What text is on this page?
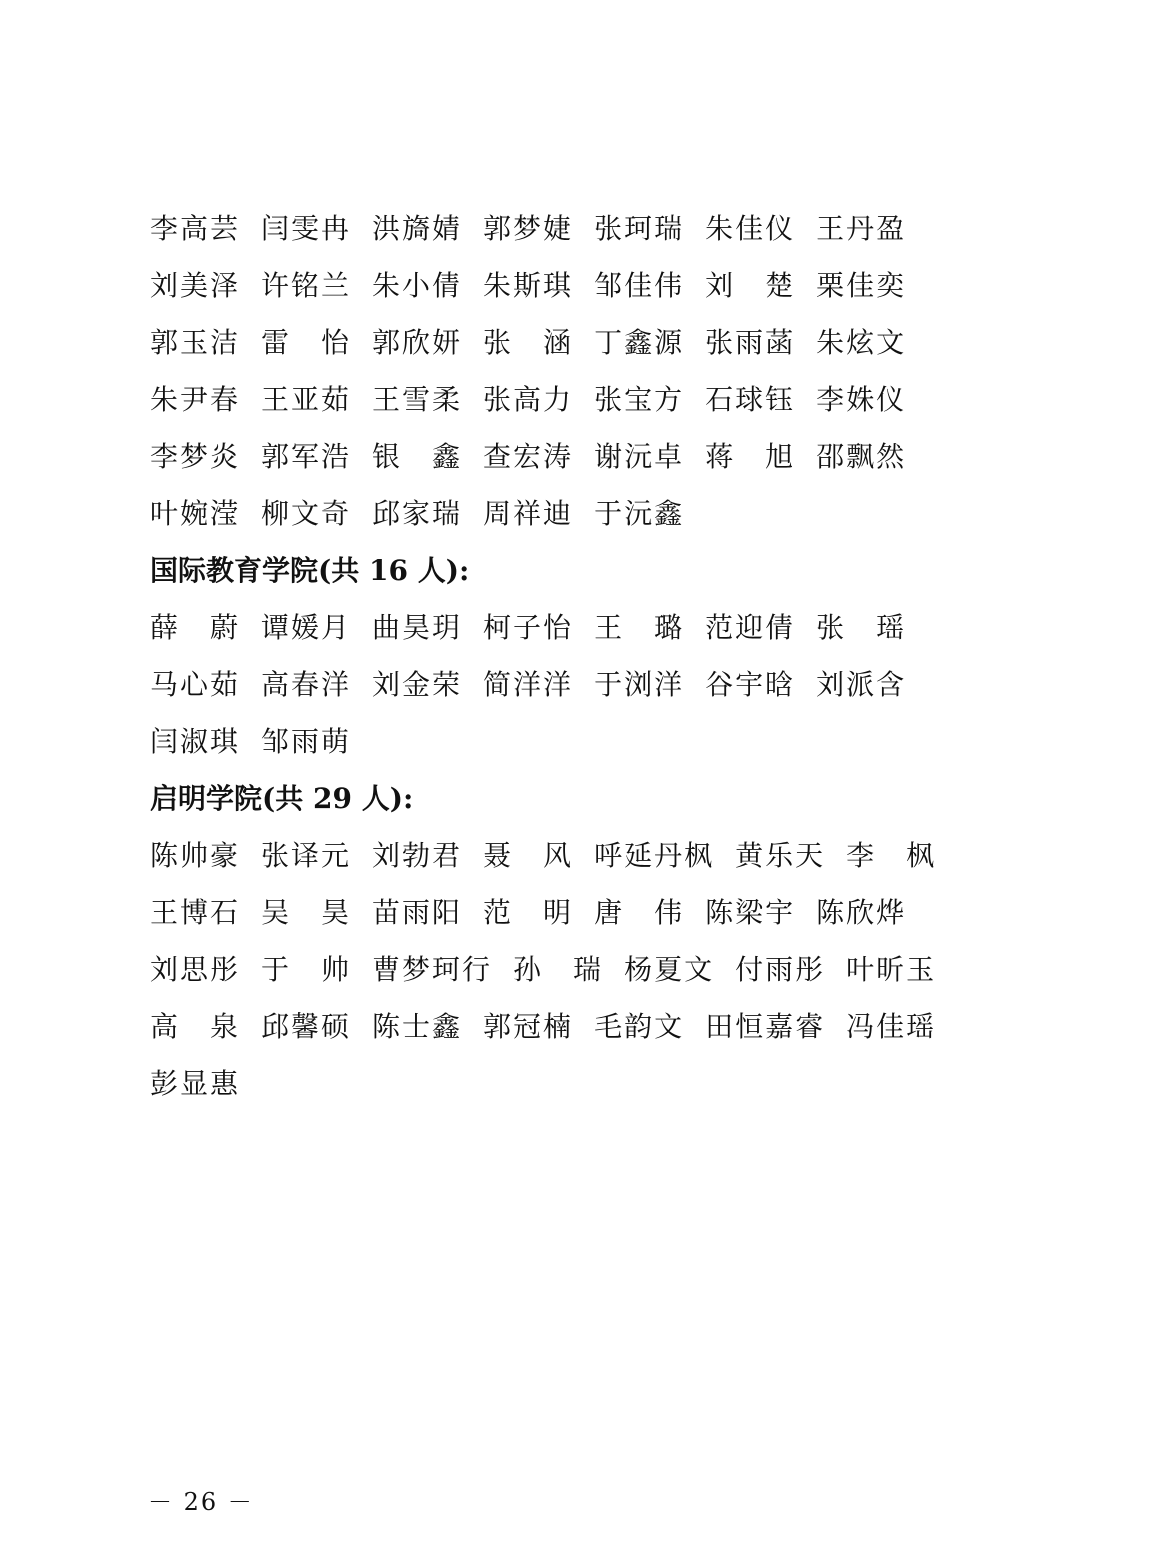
李高芸 闫雯冉 洪旖婧 郭梦婕 张珂瑞 朱佳仪 王丹盈
刘美泽 许铭兰 朱小倩 朱斯琪 邹佳伟 刘　楚 栗佳奕
郭玉洁 雷　怡 郭欣妍 张　涵 丁鑫源 张雨菡 朱炫文
朱尹春 王亚茹 王雪柔 张高力 张宝方 石球钰 李姝仪
李梦炎 郭军浩 银　鑫 查宏涛 谢沅卓 蒋　旭 邵飘然
叶婉滢 柳文奇 邱家瑞 周祥迪 于沅鑫
国际教育学院(共 16 人):
薛　蔚 谭媛月 曲昊玥 柯子怡 王　璐 范迎倩 张　瑶
马心茹 高春洋 刘金荣 简洋洋 于浏洋 谷宇晗 刘派含
闫淑琪 邹雨萌
启明学院(共 29 人):
陈帅豪 张译元 刘勃君 聂　风 呼延丹枫 黄乐天 李　枫
王博石 吴　昊 苗雨阳 范　明 唐　伟 陈梁宇 陈欣烨
刘思彤 于　帅 曹梦珂行 孙　瑞 杨夏文 付雨彤 叶昕玉
高　泉 邱馨硕 陈士鑫 郭冠楠 毛韵文 田恒嘉睿 冯佳瑶
彭显惠
－ 26 －
